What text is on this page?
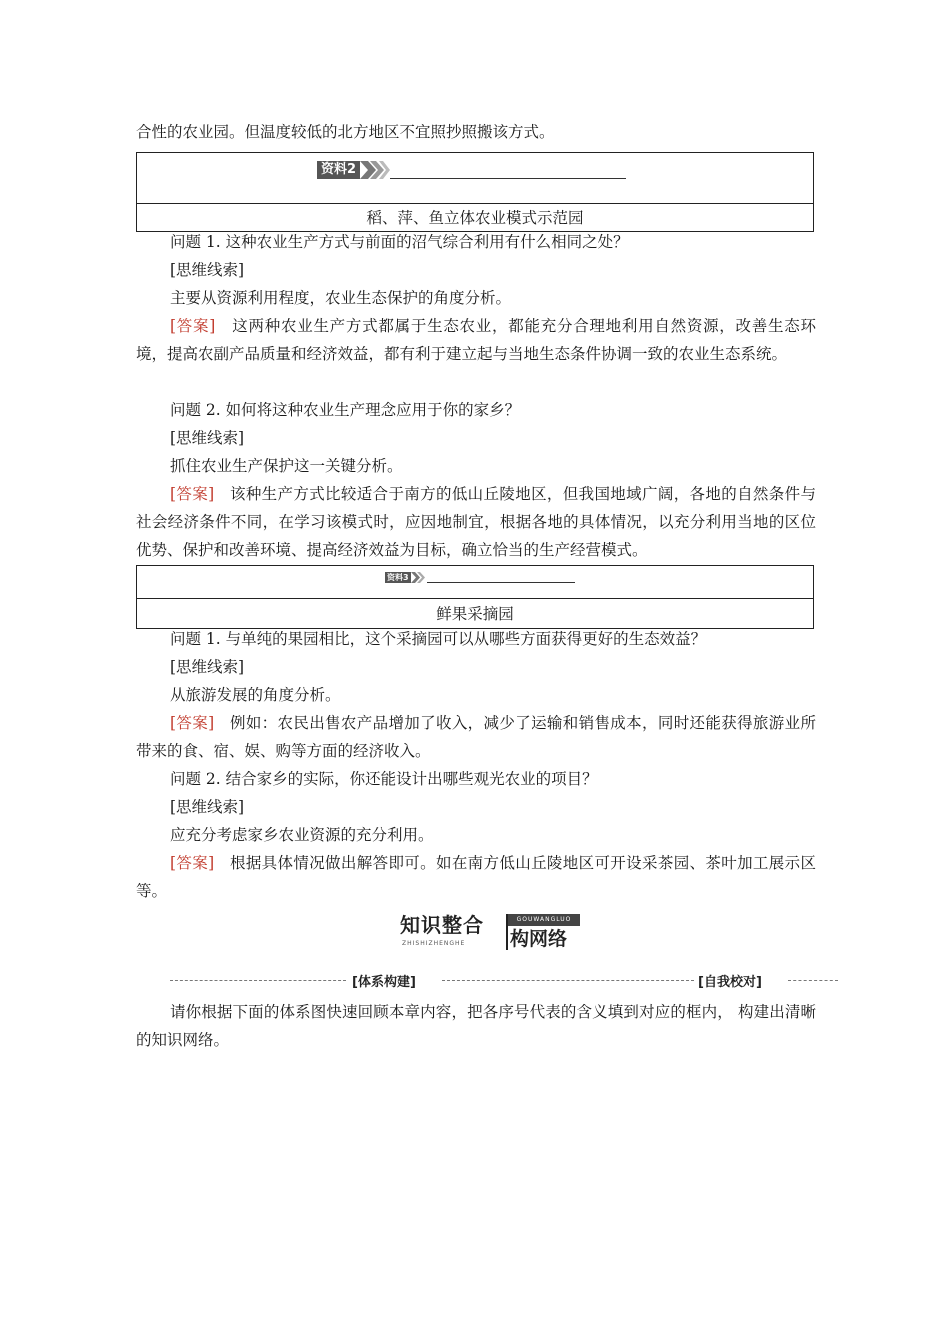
合性的农业园。但温度较低的北方地区不宜照抄照搬该方式。

资料2
稻、萍、鱼立体农业模式示范园

问题 1. 这种农业生产方式与前面的沼气综合利用有什么相同之处？

[思维线索]

主要从资源利用程度，农业生态保护的角度分析。

[答案] 这两种农业生产方式都属于生态农业，都能充分合理地利用自然资源，改善生态环境，提高农副产品质量和经济效益，都有利于建立起与当地生态条件协调一致的农业生态系统。

问题 2. 如何将这种农业生产理念应用于你的家乡？

[思维线索]

抓住农业生产保护这一关键分析。

[答案] 该种生产方式比较适合于南方的低山丘陵地区，但我国地域广阔，各地的自然条件与社会经济条件不同，在学习该模式时，应因地制宜，根据各地的具体情况，以充分利用当地的区位优势、保护和改善环境、提高经济效益为目标，确立恰当的生产经营模式。

资料3
鲜果采摘园

问题 1. 与单纯的果园相比，这个采摘园可以从哪些方面获得更好的生态效益？

[思维线索]

从旅游发展的角度分析。

[答案] 例如：农民出售农产品增加了收入，减少了运输和销售成本，同时还能获得旅游业所带来的食、宿、娱、购等方面的经济收入。

问题 2. 结合家乡的实际，你还能设计出哪些观光农业的项目？

[思维线索]

应充分考虑家乡农业资源的充分利用。

[答案] 根据具体情况做出解答即可。如在南方低山丘陵地区可开设采茶园、茶叶加工展示区等。

知识整合
ZHISHIZHENGHE
GOUWANGLUO
构网络
[体系构建]	[自我校对]

请你根据下面的体系图快速回顾本章内容，把各序号代表的含义填到对应的框内， 构建出清晰的知识网络。
